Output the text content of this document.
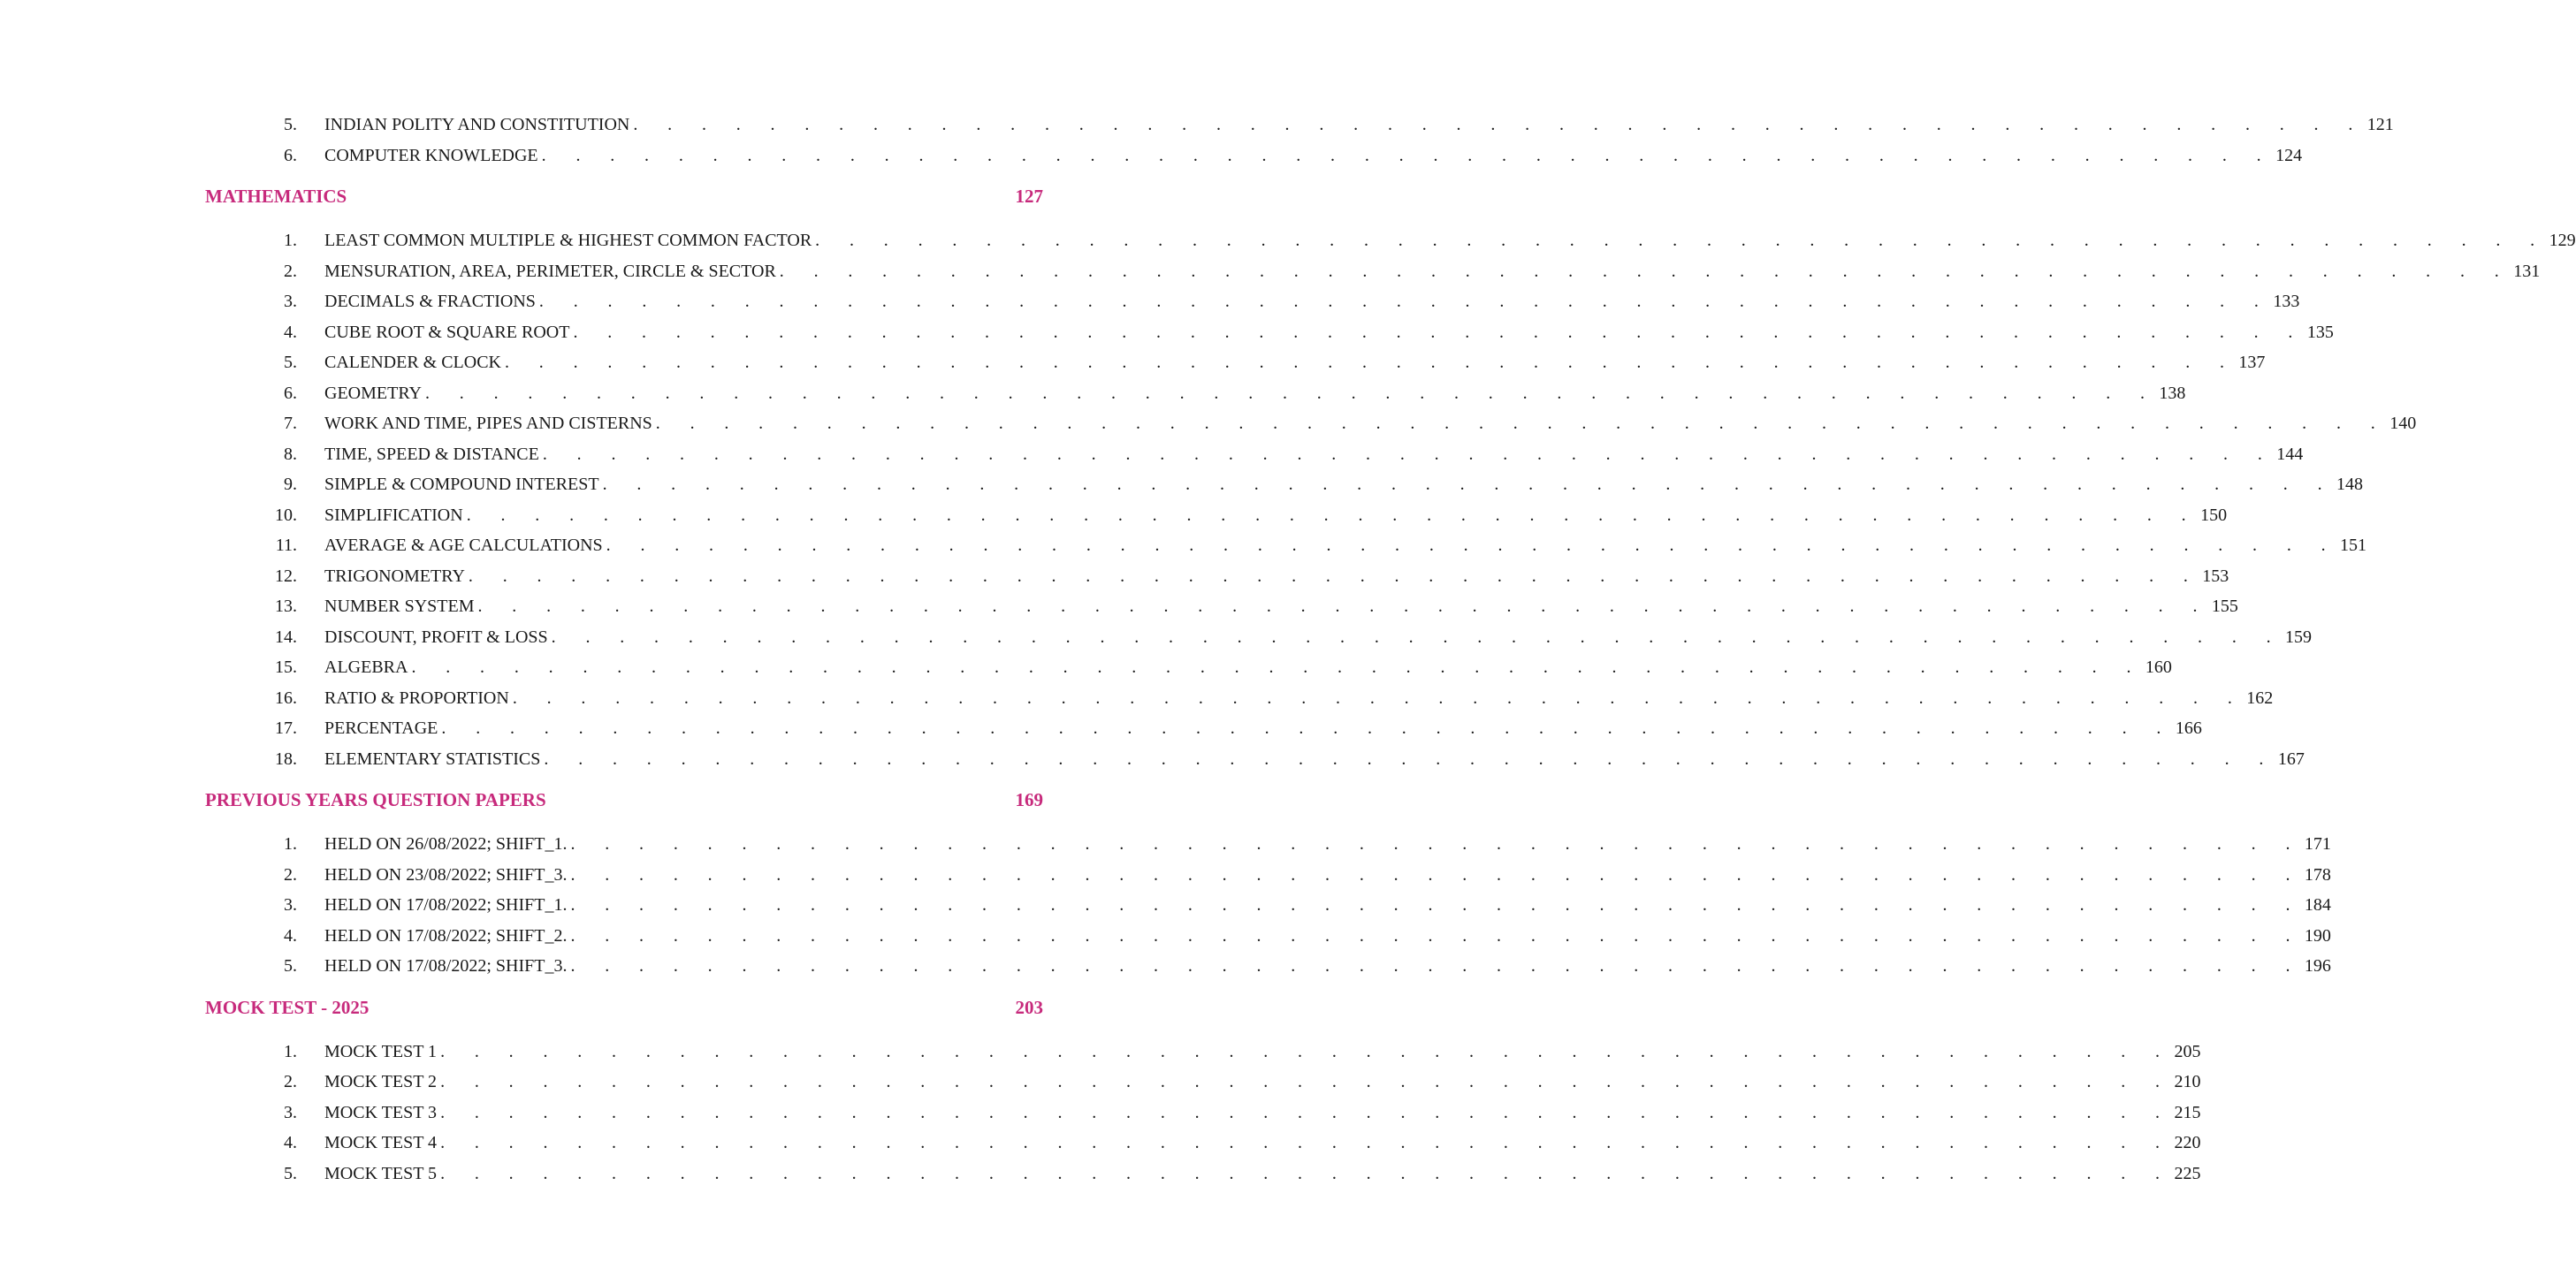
5. INDIAN POLITY AND CONSTITUTION . . . . . . . . . . . . . . . . . . . . . . . . . . . . . . . . . . . . . . . . . . . . . . . . . . . 121
6. COMPUTER KNOWLEDGE . . . . . . . . . . . . . . . . . . . . . . . . . . . . . . . . . . . . . . . . . . . . . . . . . . . 124
MATHEMATICS	127
1. LEAST COMMON MULTIPLE & HIGHEST COMMON FACTOR . . . . . . . . . . . . . . . . . . . . . . . . . . . . . . . . . . . . . . . . . . . . . . . . . . . 129
2. MENSURATION, AREA, PERIMETER, CIRCLE & SECTOR . . . . . . . . . . . . . . . . . . . . . . . . . . . . . . . . . . . . . . . . . . . . . . . . . . . 131
3. DECIMALS & FRACTIONS . . . . . . . . . . . . . . . . . . . . . . . . . . . . . . . . . . . . . . . . . . . . . . . . . . . 133
4. CUBE ROOT & SQUARE ROOT . . . . . . . . . . . . . . . . . . . . . . . . . . . . . . . . . . . . . . . . . . . . . . . . . . . 135
5. CALENDER & CLOCK . . . . . . . . . . . . . . . . . . . . . . . . . . . . . . . . . . . . . . . . . . . . . . . . . . . 137
6. GEOMETRY . . . . . . . . . . . . . . . . . . . . . . . . . . . . . . . . . . . . . . . . . . . . . . . . . . . 138
7. WORK AND TIME, PIPES AND CISTERNS . . . . . . . . . . . . . . . . . . . . . . . . . . . . . . . . . . . . . . . . . . . . . . . . . . . 140
8. TIME, SPEED & DISTANCE . . . . . . . . . . . . . . . . . . . . . . . . . . . . . . . . . . . . . . . . . . . . . . . . . . . 144
9. SIMPLE & COMPOUND INTEREST . . . . . . . . . . . . . . . . . . . . . . . . . . . . . . . . . . . . . . . . . . . . . . . . . . . 148
10. SIMPLIFICATION . . . . . . . . . . . . . . . . . . . . . . . . . . . . . . . . . . . . . . . . . . . . . . . . . . . 150
11. AVERAGE & AGE CALCULATIONS . . . . . . . . . . . . . . . . . . . . . . . . . . . . . . . . . . . . . . . . . . . . . . . . . . . 151
12. TRIGONOMETRY . . . . . . . . . . . . . . . . . . . . . . . . . . . . . . . . . . . . . . . . . . . . . . . . . . . 153
13. NUMBER SYSTEM . . . . . . . . . . . . . . . . . . . . . . . . . . . . . . . . . . . . . . . . . . . . . . . . . . . 155
14. DISCOUNT, PROFIT & LOSS . . . . . . . . . . . . . . . . . . . . . . . . . . . . . . . . . . . . . . . . . . . . . . . . . . . 159
15. ALGEBRA . . . . . . . . . . . . . . . . . . . . . . . . . . . . . . . . . . . . . . . . . . . . . . . . . . . 160
16. RATIO & PROPORTION . . . . . . . . . . . . . . . . . . . . . . . . . . . . . . . . . . . . . . . . . . . . . . . . . . . 162
17. PERCENTAGE . . . . . . . . . . . . . . . . . . . . . . . . . . . . . . . . . . . . . . . . . . . . . . . . . . . 166
18. ELEMENTARY STATISTICS . . . . . . . . . . . . . . . . . . . . . . . . . . . . . . . . . . . . . . . . . . . . . . . . . . . 167
PREVIOUS YEARS QUESTION PAPERS	169
1. HELD ON 26/08/2022; SHIFT_1. . . . . . . . . . . . . . . . . . . . . . . . . . . . . . . . . . . . . . . . . . . . . . . . . . . . 171
2. HELD ON 23/08/2022; SHIFT_3. . . . . . . . . . . . . . . . . . . . . . . . . . . . . . . . . . . . . . . . . . . . . . . . . . . . 178
3. HELD ON 17/08/2022; SHIFT_1. . . . . . . . . . . . . . . . . . . . . . . . . . . . . . . . . . . . . . . . . . . . . . . . . . . . 184
4. HELD ON 17/08/2022; SHIFT_2. . . . . . . . . . . . . . . . . . . . . . . . . . . . . . . . . . . . . . . . . . . . . . . . . . . . 190
5. HELD ON 17/08/2022; SHIFT_3. . . . . . . . . . . . . . . . . . . . . . . . . . . . . . . . . . . . . . . . . . . . . . . . . . . . 196
MOCK TEST - 2025	203
1. MOCK TEST 1 . . . . . . . . . . . . . . . . . . . . . . . . . . . . . . . . . . . . . . . . . . . . . . . . . . . 205
2. MOCK TEST 2 . . . . . . . . . . . . . . . . . . . . . . . . . . . . . . . . . . . . . . . . . . . . . . . . . . . 210
3. MOCK TEST 3 . . . . . . . . . . . . . . . . . . . . . . . . . . . . . . . . . . . . . . . . . . . . . . . . . . . 215
4. MOCK TEST 4 . . . . . . . . . . . . . . . . . . . . . . . . . . . . . . . . . . . . . . . . . . . . . . . . . . . 220
5. MOCK TEST 5 . . . . . . . . . . . . . . . . . . . . . . . . . . . . . . . . . . . . . . . . . . . . . . . . . . . 225
